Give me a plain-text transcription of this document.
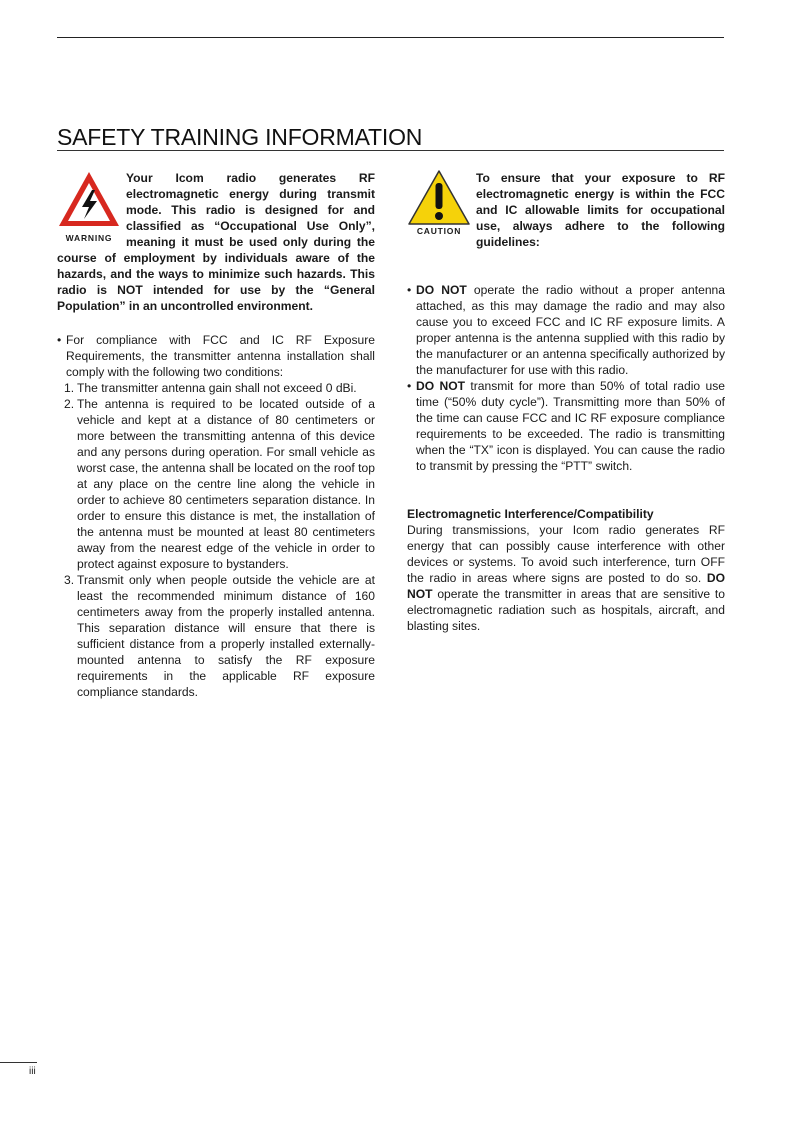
SAFETY TRAINING INFORMATION
WARNING
Your Icom radio generates RF electromagnetic energy during transmit mode. This radio is designed for and classified as “Occupational Use Only”, meaning it must be used only during the course of employment by individuals aware of the hazards, and the ways to minimize such hazards. This radio is NOT intended for use by the “General Population” in an uncontrolled environment.

• For compliance with FCC and IC RF Exposure Requirements, the transmitter antenna installation shall comply with the following two conditions:

1. The transmitter antenna gain shall not exceed 0 dBi.

2. The antenna is required to be located outside of a vehicle and kept at a distance of 80 centimeters or more between the transmitting antenna of this device and any persons during operation. For small vehicle as worst case, the antenna shall be located on the roof top at any place on the centre line along the vehicle in order to achieve 80 centimeters separation distance. In order to ensure this distance is met, the installation of the antenna must be mounted at least 80 centimeters away from the nearest edge of the vehicle in order to protect against exposure to bystanders.

3. Transmit only when people outside the vehicle are at least the recommended minimum distance of 160 centimeters away from the properly installed antenna. This separation distance will ensure that there is sufficient distance from a properly installed externally-mounted antenna to satisfy the RF exposure requirements in the applicable RF exposure compliance standards.

CAUTION
To ensure that your exposure to RF electromagnetic energy is within the FCC and IC allowable limits for occupational use, always adhere to the following guidelines:

• DO NOT operate the radio without a proper antenna attached, as this may damage the radio and may also cause you to exceed FCC and IC RF exposure limits. A proper antenna is the antenna supplied with this radio by the manufacturer or an antenna specifically authorized by the manufacturer for use with this radio.

• DO NOT transmit for more than 50% of total radio use time (“50% duty cycle”). Transmitting more than 50% of the time can cause FCC and IC RF exposure compliance requirements to be exceeded. The radio is transmitting when the “TX” icon is displayed. You can cause the radio to transmit by pressing the “PTT” switch.

Electromagnetic Interference/Compatibility

During transmissions, your Icom radio generates RF energy that can possibly cause interference with other devices or systems. To avoid such interference, turn OFF the radio in areas where signs are posted to do so. DO NOT operate the transmitter in areas that are sensitive to electromagnetic radiation such as hospitals, aircraft, and blasting sites.

iii
